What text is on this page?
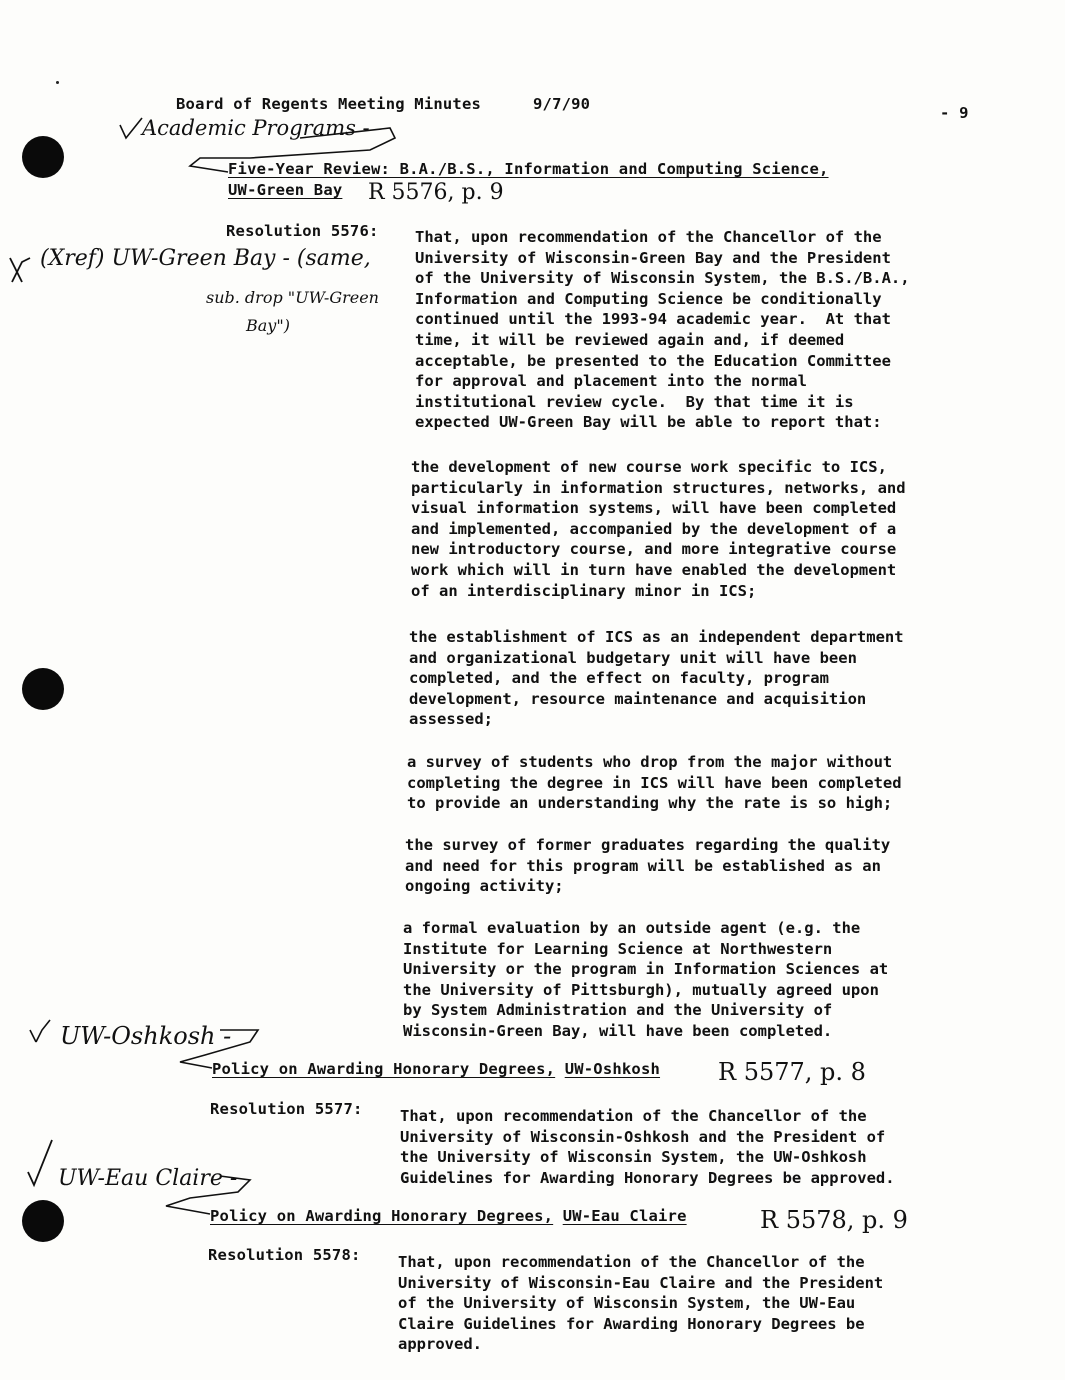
Board of Regents Meeting Minutes	9/7/90	- 9
Academic Programs -
Five-Year Review: B.A./B.S., Information and Computing Science,
UW-Green Bay R 5576, p. 9
(Xref) UW-Green Bay - (same,
sub. drop "UW-Green
Bay")
Resolution 5576: That, upon recommendation of the Chancellor of the
University of Wisconsin-Green Bay and the President
of the University of Wisconsin System, the B.S./B.A.,
Information and Computing Science be conditionally
continued until the 1993-94 academic year.  At that
time, it will be reviewed again and, if deemed
acceptable, be presented to the Education Committee
for approval and placement into the normal
institutional review cycle.  By that time it is
expected UW-Green Bay will be able to report that:
the development of new course work specific to ICS,
particularly in information structures, networks, and
visual information systems, will have been completed
and implemented, accompanied by the development of a
new introductory course, and more integrative course
work which will in turn have enabled the development
of an interdisciplinary minor in ICS;
the establishment of ICS as an independent department
and organizational budgetary unit will have been
completed, and the effect on faculty, program
development, resource maintenance and acquisition
assessed;
a survey of students who drop from the major without
completing the degree in ICS will have been completed
to provide an understanding why the rate is so high;
the survey of former graduates regarding the quality
and need for this program will be established as an
ongoing activity;
a formal evaluation by an outside agent (e.g. the
Institute for Learning Science at Northwestern
University or the program in Information Sciences at
the University of Pittsburgh), mutually agreed upon
by System Administration and the University of
Wisconsin-Green Bay, will have been completed.
UW-Oshkosh -
Policy on Awarding Honorary Degrees, UW-Oshkosh R 5577, p. 8
Resolution 5577: That, upon recommendation of the Chancellor of the
University of Wisconsin-Oshkosh and the President of
the University of Wisconsin System, the UW-Oshkosh
Guidelines for Awarding Honorary Degrees be approved.
UW-Eau Claire -
Policy on Awarding Honorary Degrees, UW-Eau Claire	R 5578, p. 9
Resolution 5578: That, upon recommendation of the Chancellor of the
University of Wisconsin-Eau Claire and the President
of the University of Wisconsin System, the UW-Eau
Claire Guidelines for Awarding Honorary Degrees be
approved.
